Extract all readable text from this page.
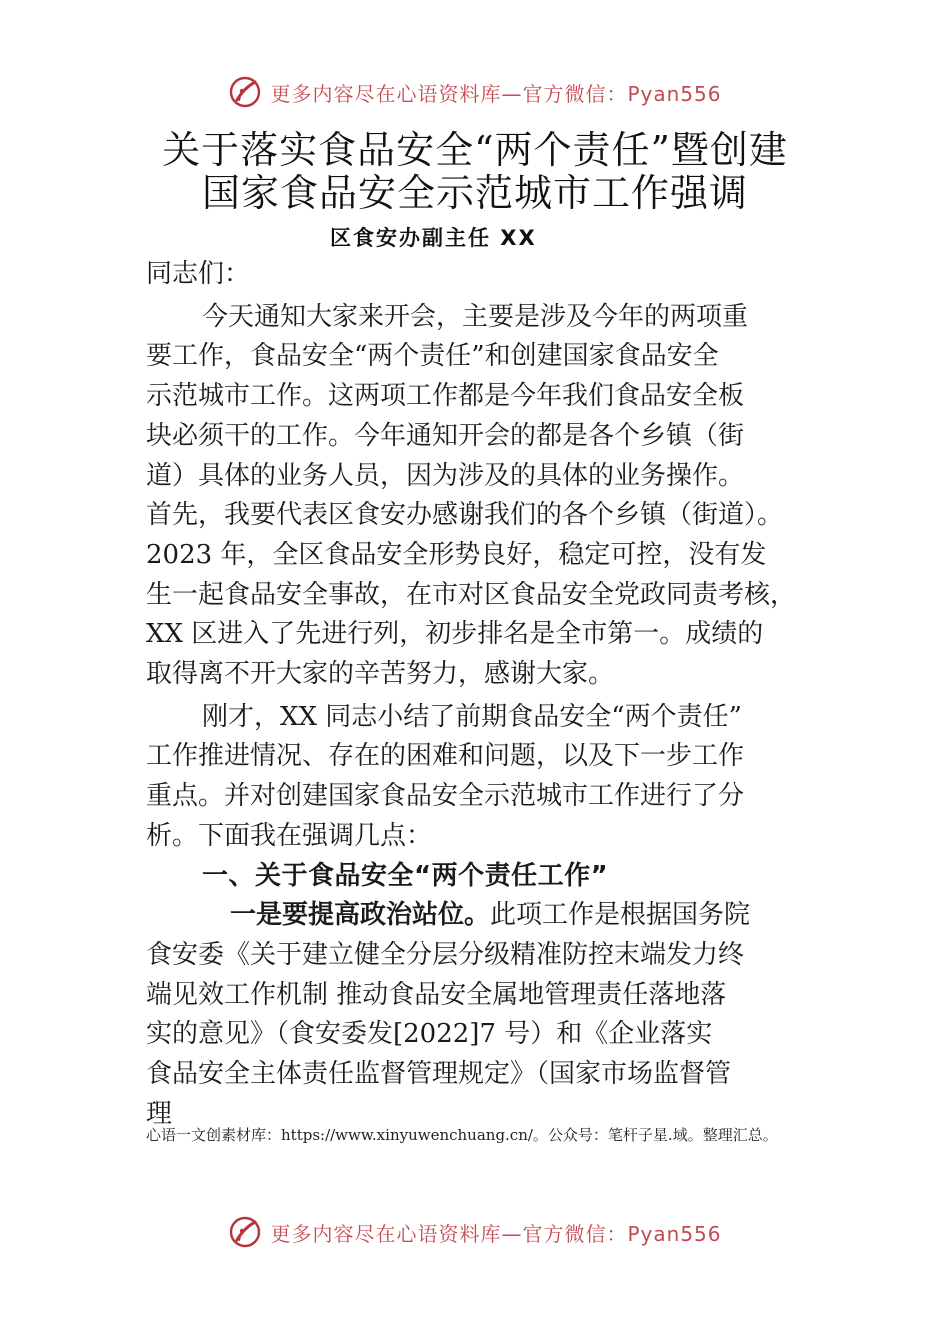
更多内容尽在心语资料库—官方微信：Pyan556
关于落实食品安全“两个责任”暨创建
国家食品安全示范城市工作强调
区食安办副主任 XX

同志们：

今天通知大家来开会，主要是涉及今年的两项重

要工作，食品安全“两个责任”和创建国家食品安全

示范城市工作。这两项工作都是今年我们食品安全板

块必须干的工作。今年通知开会的都是各个乡镇（街

道）具体的业务人员，因为涉及的具体的业务操作。

首先，我要代表区食安办感谢我们的各个乡镇（街道）。

2023 年，全区食品安全形势良好，稳定可控，没有发

生一起食品安全事故，在市对区食品安全党政同责考核，

XX 区进入了先进行列，初步排名是全市第一。成绩的

取得离不开大家的辛苦努力，感谢大家。

刚才，XX 同志小结了前期食品安全“两个责任”

工作推进情况、存在的困难和问题，以及下一步工作

重点。并对创建国家食品安全示范城市工作进行了分

析。下面我在强调几点：

一、关于食品安全“两个责任工作”

一是要提高政治站位。此项工作是根据国务院

食安委《关于建立健全分层分级精准防控末端发力终

端见效工作机制 推动食品安全属地管理责任落地落

实的意见》（食安委发[2022]7 号）和《企业落实

食品安全主体责任监督管理规定》（国家市场监督管

理

心语一文创素材库：https://www.xinyuwenchuang.cn/。公众号：笔杆子星.域。整理汇总。
更多内容尽在心语资料库—官方微信：Pyan556
